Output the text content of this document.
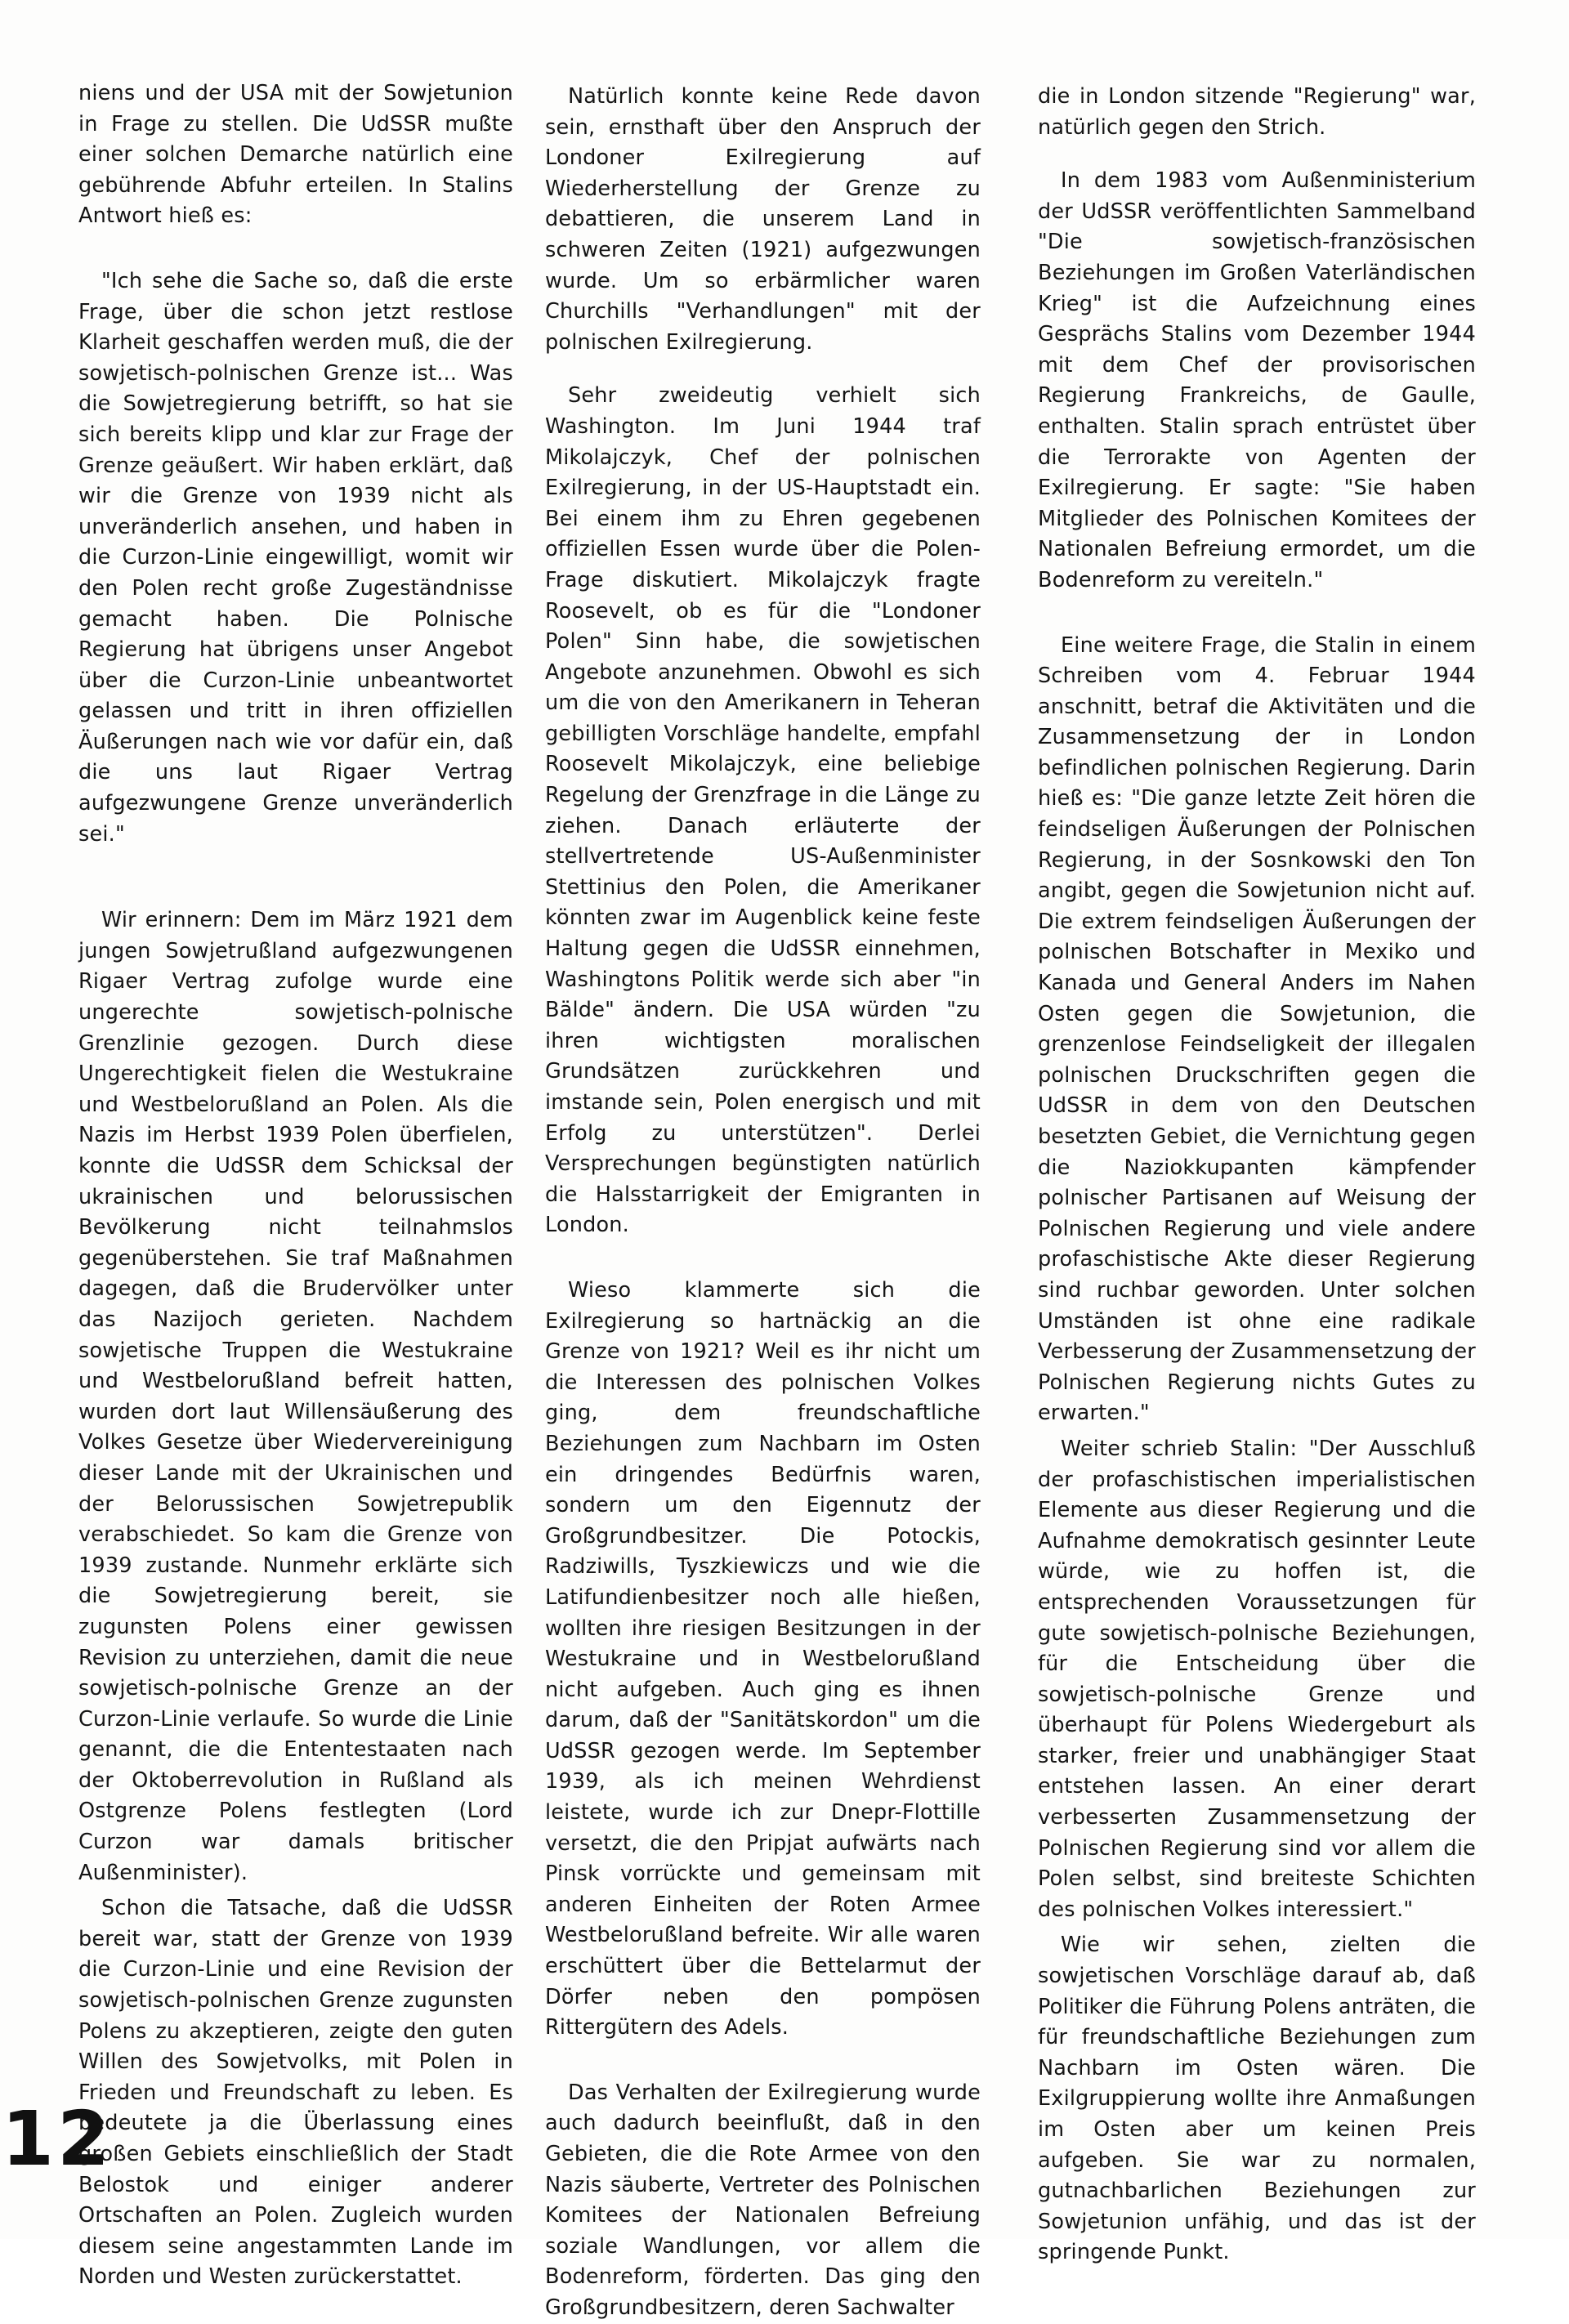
niens und der USA mit der Sowjetunion in Frage zu stellen. Die UdSSR mußte einer solchen Demarche natürlich eine gebührende Abfuhr erteilen. In Stalins Antwort hieß es:

"Ich sehe die Sache so, daß die erste Frage, über die schon jetzt restlose Klarheit geschaffen werden muß, die der sowjetisch-polnischen Grenze ist... Was die Sowjetregierung betrifft, so hat sie sich bereits klipp und klar zur Frage der Grenze geäußert. Wir haben erklärt, daß wir die Grenze von 1939 nicht als unveränderlich ansehen, und haben in die Curzon-Linie eingewilligt, womit wir den Polen recht große Zugeständnisse gemacht haben. Die Polnische Regierung hat übrigens unser Angebot über die Curzon-Linie unbeantwortet gelassen und tritt in ihren offiziellen Äußerungen nach wie vor dafür ein, daß die uns laut Rigaer Vertrag aufgezwungene Grenze unveränderlich sei."

Wir erinnern: Dem im März 1921 dem jungen Sowjetrußland aufgezwungenen Rigaer Vertrag zufolge wurde eine ungerechte sowjetisch-polnische Grenzlinie gezogen. Durch diese Ungerechtigkeit fielen die Westukraine und Westbelorußland an Polen. Als die Nazis im Herbst 1939 Polen überfielen, konnte die UdSSR dem Schicksal der ukrainischen und belorussischen Bevölkerung nicht teilnahmslos gegenüberstehen. Sie traf Maßnahmen dagegen, daß die Brudervölker unter das Nazijoch gerieten. Nachdem sowjetische Truppen die Westukraine und Westbelorußland befreit hatten, wurden dort laut Willensäußerung des Volkes Gesetze über Wiedervereinigung dieser Lande mit der Ukrainischen und der Belorussischen Sowjetrepublik verabschiedet. So kam die Grenze von 1939 zustande. Nunmehr erklärte sich die Sowjetregierung bereit, sie zugunsten Polens einer gewissen Revision zu unterziehen, damit die neue sowjetisch-polnische Grenze an der Curzon-Linie verlaufe. So wurde die Linie genannt, die die Ententestaaten nach der Oktoberrevolution in Rußland als Ostgrenze Polens festlegten (Lord Curzon war damals britischer Außenminister).

Schon die Tatsache, daß die UdSSR bereit war, statt der Grenze von 1939 die Curzon-Linie und eine Revision der sowjetisch-polnischen Grenze zugunsten Polens zu akzeptieren, zeigte den guten Willen des Sowjetvolks, mit Polen in Frieden und Freundschaft zu leben. Es bedeutete ja die Überlassung eines großen Gebiets einschließlich der Stadt Belostok und einiger anderer Ortschaften an Polen. Zugleich wurden diesem seine angestammten Lande im Norden und Westen zurückerstattet.

Natürlich konnte keine Rede davon sein, ernsthaft über den Anspruch der Londoner Exilregierung auf Wiederherstellung der Grenze zu debattieren, die unserem Land in schweren Zeiten (1921) aufgezwungen wurde. Um so erbärmlicher waren Churchills "Verhandlungen" mit der polnischen Exilregierung.

Sehr zweideutig verhielt sich Washington. Im Juni 1944 traf Mikolajczyk, Chef der polnischen Exilregierung, in der US-Hauptstadt ein. Bei einem ihm zu Ehren gegebenen offiziellen Essen wurde über die Polen-Frage diskutiert. Mikolajczyk fragte Roosevelt, ob es für die "Londoner Polen" Sinn habe, die sowjetischen Angebote anzunehmen. Obwohl es sich um die von den Amerikanern in Teheran gebilligten Vorschläge handelte, empfahl Roosevelt Mikolajczyk, eine beliebige Regelung der Grenzfrage in die Länge zu ziehen. Danach erläuterte der stellvertretende US-Außenminister Stettinius den Polen, die Amerikaner könnten zwar im Augenblick keine feste Haltung gegen die UdSSR einnehmen, Washingtons Politik werde sich aber "in Bälde" ändern. Die USA würden "zu ihren wichtigsten moralischen Grundsätzen zurückkehren und imstande sein, Polen energisch und mit Erfolg zu unterstützen". Derlei Versprechungen begünstigten natürlich die Halsstarrigkeit der Emigranten in London.

Wieso klammerte sich die Exilregierung so hartnäckig an die Grenze von 1921? Weil es ihr nicht um die Interessen des polnischen Volkes ging, dem freundschaftliche Beziehungen zum Nachbarn im Osten ein dringendes Bedürfnis waren, sondern um den Eigennutz der Großgrundbesitzer. Die Potockis, Radziwills, Tyszkiewiczs und wie die Latifundienbesitzer noch alle hießen, wollten ihre riesigen Besitzungen in der Westukraine und in Westbelorußland nicht aufgeben. Auch ging es ihnen darum, daß der "Sanitätskordon" um die UdSSR gezogen werde. Im September 1939, als ich meinen Wehrdienst leistete, wurde ich zur Dnepr-Flottille versetzt, die den Pripjat aufwärts nach Pinsk vorrückte und gemeinsam mit anderen Einheiten der Roten Armee Westbelorußland befreite. Wir alle waren erschüttert über die Bettelarmut der Dörfer neben den pompösen Rittergütern des Adels.

Das Verhalten der Exilregierung wurde auch dadurch beeinflußt, daß in den Gebieten, die die Rote Armee von den Nazis säuberte, Vertreter des Polnischen Komitees der Nationalen Befreiung soziale Wandlungen, vor allem die Bodenreform, förderten. Das ging den Großgrundbesitzern, deren Sachwalter

die in London sitzende "Regierung" war, natürlich gegen den Strich.

In dem 1983 vom Außenministerium der UdSSR veröffentlichten Sammelband "Die sowjetisch-französischen Beziehungen im Großen Vaterländischen Krieg" ist die Aufzeichnung eines Gesprächs Stalins vom Dezember 1944 mit dem Chef der provisorischen Regierung Frankreichs, de Gaulle, enthalten. Stalin sprach entrüstet über die Terrorakte von Agenten der Exilregierung. Er sagte: "Sie haben Mitglieder des Polnischen Komitees der Nationalen Befreiung ermordet, um die Bodenreform zu vereiteln."

Eine weitere Frage, die Stalin in einem Schreiben vom 4. Februar 1944 anschnitt, betraf die Aktivitäten und die Zusammensetzung der in London befindlichen polnischen Regierung. Darin hieß es: "Die ganze letzte Zeit hören die feindseligen Äußerungen der Polnischen Regierung, in der Sosnkowski den Ton angibt, gegen die Sowjetunion nicht auf. Die extrem feindseligen Äußerungen der polnischen Botschafter in Mexiko und Kanada und General Anders im Nahen Osten gegen die Sowjetunion, die grenzenlose Feindseligkeit der illegalen polnischen Druckschriften gegen die UdSSR in dem von den Deutschen besetzten Gebiet, die Vernichtung gegen die Naziokkupanten kämpfender polnischer Partisanen auf Weisung der Polnischen Regierung und viele andere profaschistische Akte dieser Regierung sind ruchbar geworden. Unter solchen Umständen ist ohne eine radikale Verbesserung der Zusammensetzung der Polnischen Regierung nichts Gutes zu erwarten."

Weiter schrieb Stalin: "Der Ausschluß der profaschistischen imperialistischen Elemente aus dieser Regierung und die Aufnahme demokratisch gesinnter Leute würde, wie zu hoffen ist, die entsprechenden Voraussetzungen für gute sowjetisch-polnische Beziehungen, für die Entscheidung über die sowjetisch-polnische Grenze und überhaupt für Polens Wiedergeburt als starker, freier und unabhängiger Staat entstehen lassen. An einer derart verbesserten Zusammensetzung der Polnischen Regierung sind vor allem die Polen selbst, sind breiteste Schichten des polnischen Volkes interessiert."

Wie wir sehen, zielten die sowjetischen Vorschläge darauf ab, daß Politiker die Führung Polens anträten, die für freundschaftliche Beziehungen zum Nachbarn im Osten wären. Die Exilgruppierung wollte ihre Anmaßungen im Osten aber um keinen Preis aufgeben. Sie war zu normalen, gutnachbarlichen Beziehungen zur Sowjetunion unfähig, und das ist der springende Punkt.

12
